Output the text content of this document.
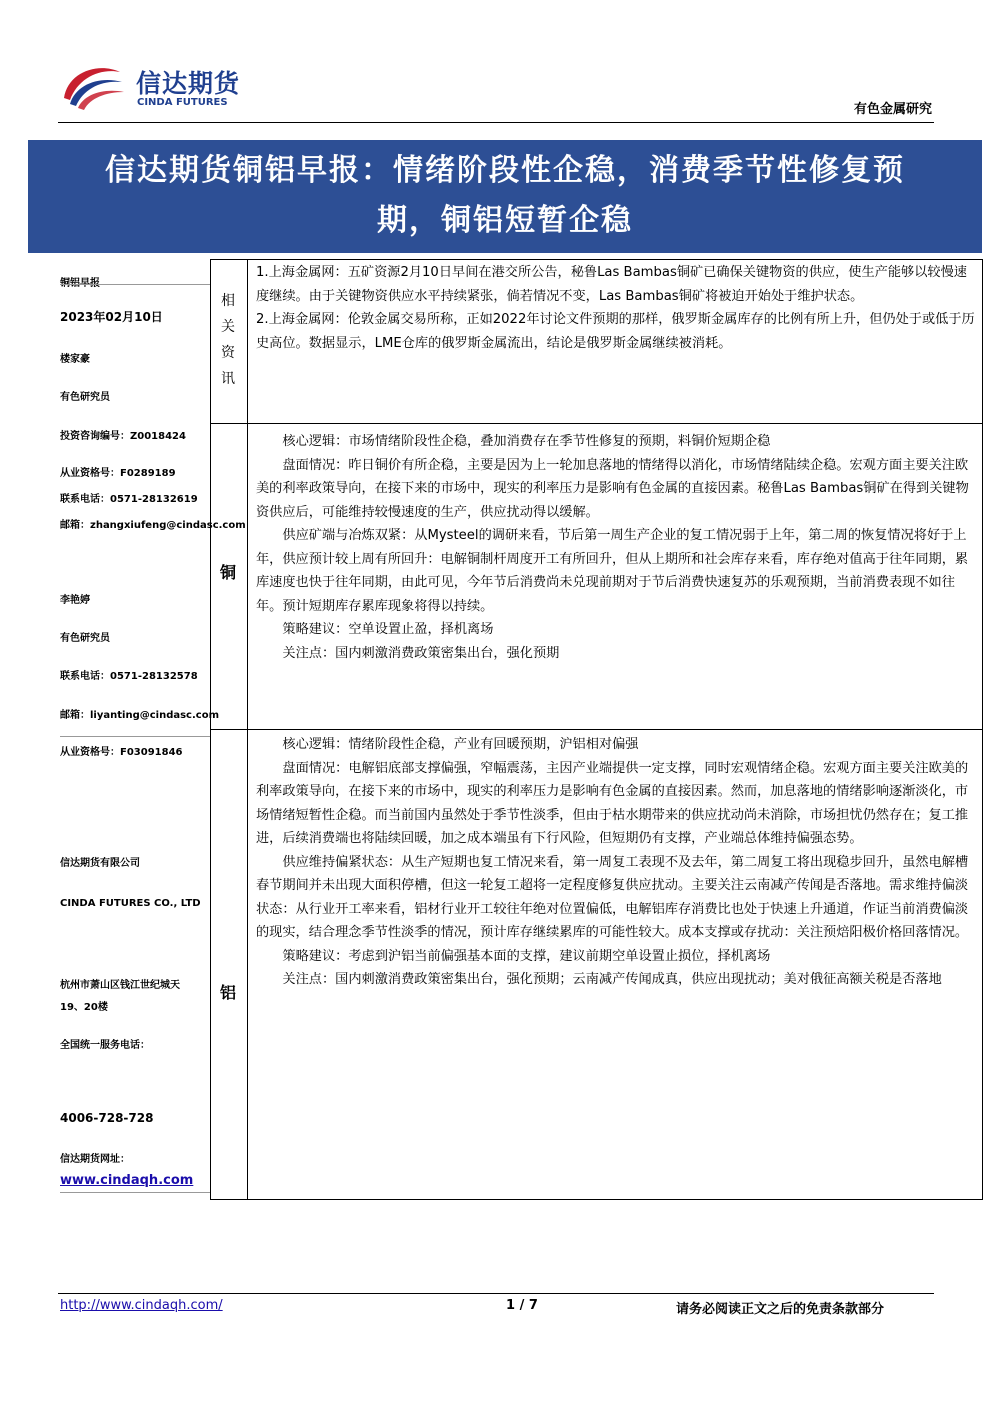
信达期货
CINDA FUTURES	有色金属研究
信达期货铜铝早报：情绪阶段性企稳，消费季节性修复预
期，铜铝短暂企稳
铜铝早报
2023年02月10日
楼家豪
有色研究员
投资咨询编号：Z0018424
从业资格号：F0289189
联系电话：0571-28132619
邮箱：zhangxiufeng@cindasc.com
李艳婷
有色研究员
联系电话：0571-28132578
邮箱：liyanting@cindasc.com
从业资格号：F03091846
信达期货有限公司
CINDA FUTURES CO., LTD
杭州市萧山区钱江世纪城天
19、20楼
全国统一服务电话：
4006-728-728
信达期货网址：
www.cindaqh.com
相
关
资
讯

1.上海金属网：五矿资源2月10日早间在港交所公告，秘鲁Las Bambas铜矿已确保关键物资的供应，使生产能够以较慢速度继续。由于关键物资供应水平持续紧张，倘若情况不变，Las Bambas铜矿将被迫开始处于维护状态。

2.上海金属网：伦敦金属交易所称，正如2022年讨论文件预期的那样，俄罗斯金属库存的比例有所上升，但仍处于或低于历史高位。数据显示，LME仓库的俄罗斯金属流出，结论是俄罗斯金属继续被消耗。

铜

核心逻辑：市场情绪阶段性企稳，叠加消费存在季节性修复的预期，料铜价短期企稳

盘面情况：昨日铜价有所企稳，主要是因为上一轮加息落地的情绪得以消化，市场情绪陆续企稳。宏观方面主要关注欧美的利率政策导向，在接下来的市场中，现实的利率压力是影响有色金属的直接因素。秘鲁Las Bambas铜矿在得到关键物资供应后，可能维持较慢速度的生产，供应扰动得以缓解。

供应矿端与冶炼双紧：从Mysteel的调研来看，节后第一周生产企业的复工情况弱于上年，第二周的恢复情况将好于上年，供应预计较上周有所回升：电解铜制杆周度开工有所回升，但从上期所和社会库存来看，库存绝对值高于往年同期，累库速度也快于往年同期，由此可见，今年节后消费尚未兑现前期对于节后消费快速复苏的乐观预期，当前消费表现不如往年。预计短期库存累库现象将得以持续。

策略建议：空单设置止盈，择机离场

关注点：国内刺激消费政策密集出台，强化预期

铝

核心逻辑：情绪阶段性企稳，产业有回暖预期，沪铝相对偏强

盘面情况：电解铝底部支撑偏强，窄幅震荡，主因产业端提供一定支撑，同时宏观情绪企稳。宏观方面主要关注欧美的利率政策导向，在接下来的市场中，现实的利率压力是影响有色金属的直接因素。然而，加息落地的情绪影响逐渐淡化，市场情绪短暂性企稳。而当前国内虽然处于季节性淡季，但由于枯水期带来的供应扰动尚未消除，市场担忧仍然存在；复工推进，后续消费端也将陆续回暖，加之成本端虽有下行风险，但短期仍有支撑，产业端总体维持偏强态势。

供应维持偏紧状态：从生产短期也复工情况来看，第一周复工表现不及去年，第二周复工将出现稳步回升，虽然电解槽春节期间并未出现大面积停槽，但这一轮复工超将一定程度修复供应扰动。主要关注云南减产传闻是否落地。需求维持偏淡状态：从行业开工率来看，铝材行业开工较往年绝对位置偏低，电解铝库存消费比也处于快速上升通道，作证当前消费偏淡的现实，结合理念季节性淡季的情况，预计库存继续累库的可能性较大。成本支撑或存扰动：关注预焙阳极价格回落情况。

策略建议：考虑到沪铝当前偏强基本面的支撑，建议前期空单设置止损位，择机离场

关注点：国内刺激消费政策密集出台，强化预期；云南减产传闻成真，供应出现扰动；美对俄征高额关税是否落地

http://www.cindaqh.com/	1 / 7	请务必阅读正文之后的免责条款部分
